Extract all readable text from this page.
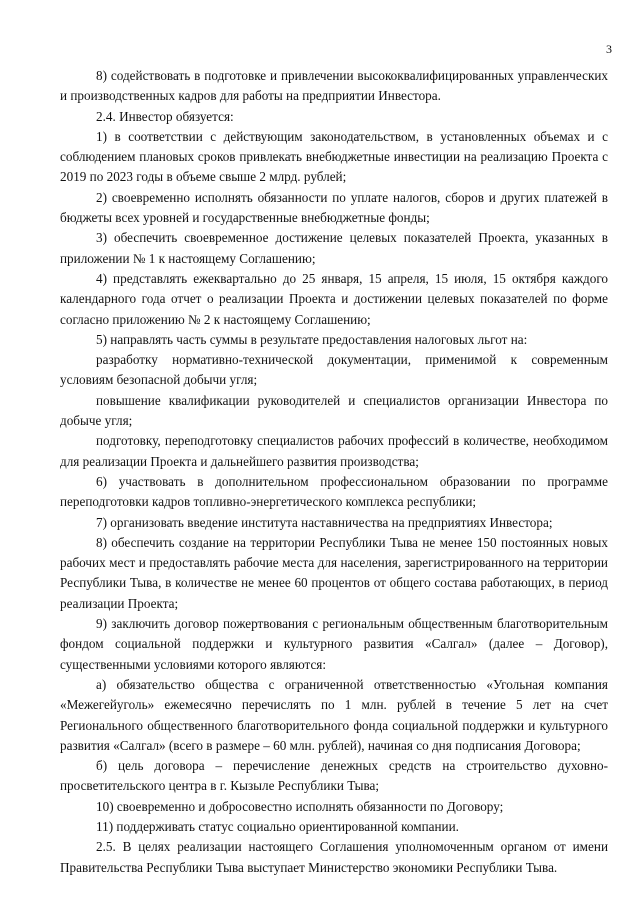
3

8) содействовать в подготовке и привлечении высококвалифицированных управленческих и производственных кадров для работы на предприятии Инвестора.

2.4. Инвестор обязуется:

1) в соответствии с действующим законодательством, в установленных объемах и с соблюдением плановых сроков привлекать внебюджетные инвестиции на реализацию Проекта с 2019 по 2023 годы в объеме свыше 2 млрд. рублей;

2) своевременно исполнять обязанности по уплате налогов, сборов и других платежей в бюджеты всех уровней и государственные внебюджетные фонды;

3) обеспечить своевременное достижение целевых показателей Проекта, указанных в приложении № 1 к настоящему Соглашению;

4) представлять ежеквартально до 25 января, 15 апреля, 15 июля, 15 октября каждого календарного года отчет о реализации Проекта и достижении целевых показателей по форме согласно приложению № 2 к настоящему Соглашению;

5) направлять часть суммы в результате предоставления налоговых льгот на:

разработку нормативно-технической документации, применимой к современным условиям безопасной добычи угля;

повышение квалификации руководителей и специалистов организации Инвестора по добыче угля;

подготовку, переподготовку специалистов рабочих профессий в количестве, необходимом для реализации Проекта и дальнейшего развития производства;

6) участвовать в дополнительном профессиональном образовании по программе переподготовки кадров топливно-энергетического комплекса республики;

7) организовать введение института наставничества на предприятиях Инвестора;

8) обеспечить создание на территории Республики Тыва не менее 150 постоянных новых рабочих мест и предоставлять рабочие места для населения, зарегистрированного на территории Республики Тыва, в количестве не менее 60 процентов от общего состава работающих, в период реализации Проекта;

9) заключить договор пожертвования с региональным общественным благотворительным фондом социальной поддержки и культурного развития «Салгал» (далее – Договор), существенными условиями которого являются:

а) обязательство общества с ограниченной ответственностью «Угольная компания «Межегейуголь» ежемесячно перечислять по 1 млн. рублей в течение 5 лет на счет Регионального общественного благотворительного фонда социальной поддержки и культурного развития «Салгал» (всего в размере – 60 млн. рублей), начиная со дня подписания Договора;

б) цель договора – перечисление денежных средств на строительство духовно-просветительского центра в г. Кызыле Республики Тыва;

10) своевременно и добросовестно исполнять обязанности по Договору;

11) поддерживать статус социально ориентированной компании.

2.5. В целях реализации настоящего Соглашения уполномоченным органом от имени Правительства Республики Тыва выступает Министерство экономики Республики Тыва.
